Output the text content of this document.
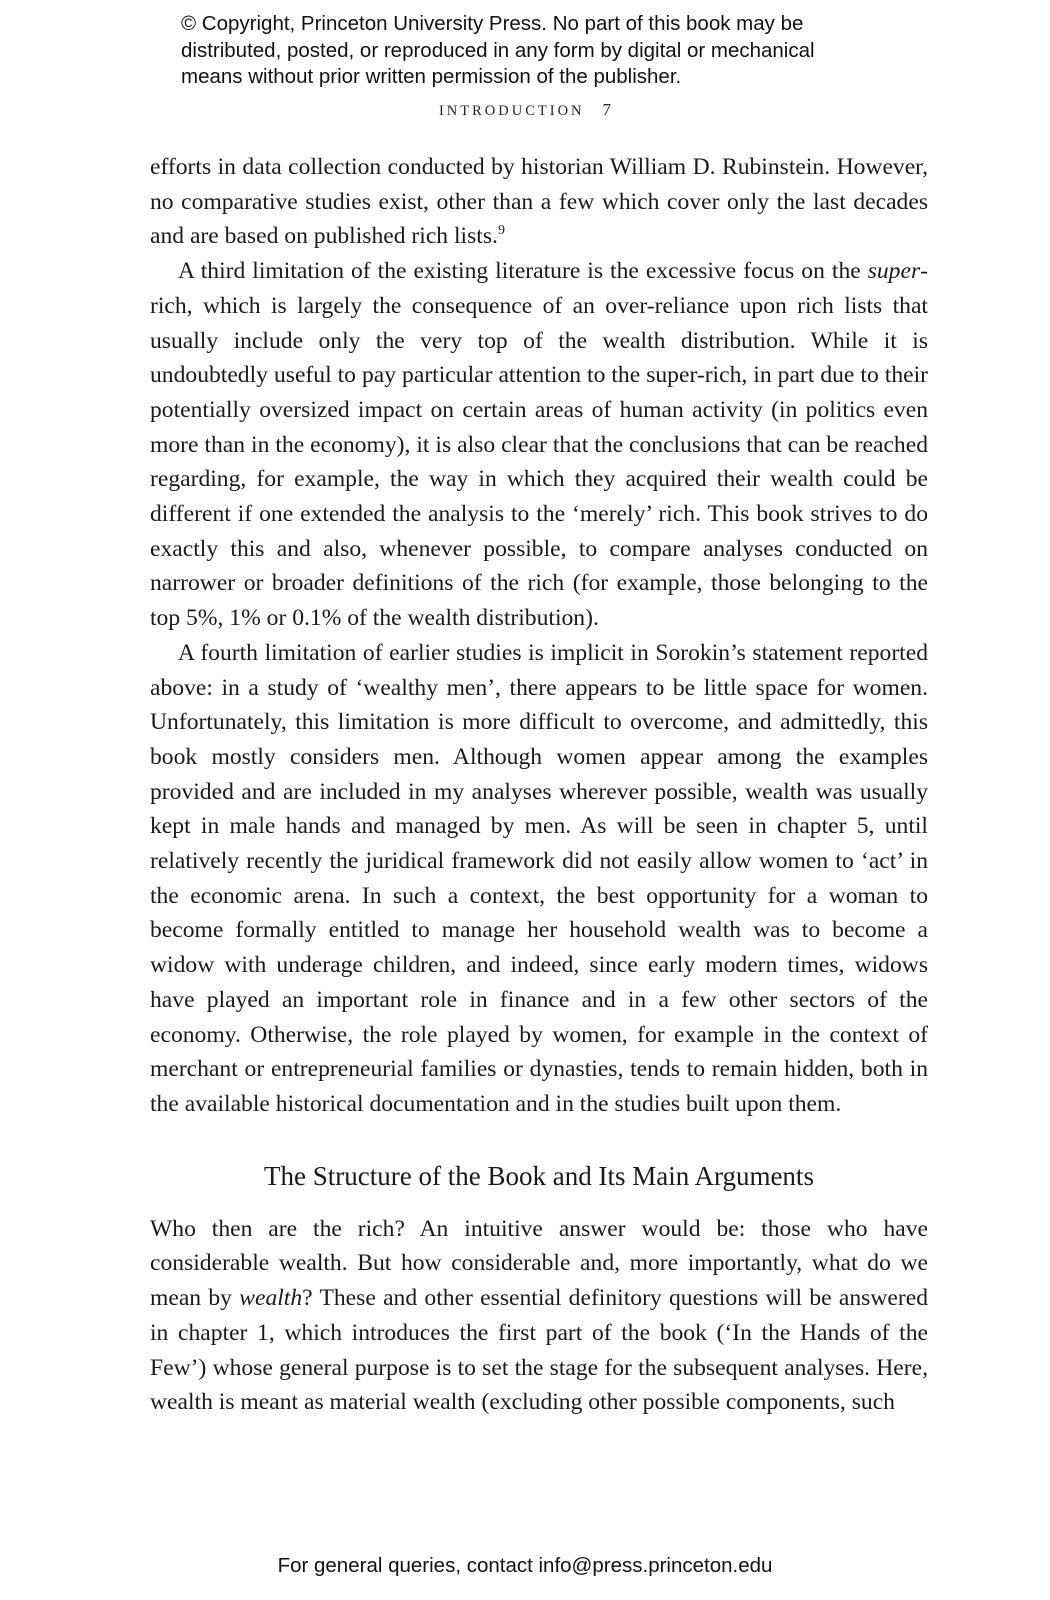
© Copyright, Princeton University Press. No part of this book may be
distributed, posted, or reproduced in any form by digital or mechanical
means without prior written permission of the publisher.
INTRODUCTION 7

efforts in data collection conducted by historian William D. Rubinstein. However, no comparative studies exist, other than a few which cover only the last decades and are based on published rich lists.$^9$

A third limitation of the existing literature is the excessive focus on the super-rich, which is largely the consequence of an over-reliance upon rich lists that usually include only the very top of the wealth distribution. While it is undoubtedly useful to pay particular attention to the super-rich, in part due to their potentially oversized impact on certain areas of human activity (in politics even more than in the economy), it is also clear that the conclusions that can be reached regarding, for example, the way in which they acquired their wealth could be different if one extended the analysis to the ‘merely’ rich. This book strives to do exactly this and also, whenever possible, to compare analyses conducted on narrower or broader definitions of the rich (for example, those belonging to the top 5%, 1% or 0.1% of the wealth distribution).

A fourth limitation of earlier studies is implicit in Sorokin’s statement reported above: in a study of ‘wealthy men’, there appears to be little space for women. Unfortunately, this limitation is more difficult to overcome, and admittedly, this book mostly considers men. Although women appear among the examples provided and are included in my analyses wherever possible, wealth was usually kept in male hands and managed by men. As will be seen in chapter 5, until relatively recently the juridical framework did not easily allow women to ‘act’ in the economic arena. In such a context, the best opportunity for a woman to become formally entitled to manage her household wealth was to become a widow with underage children, and indeed, since early modern times, widows have played an important role in finance and in a few other sectors of the economy. Otherwise, the role played by women, for example in the context of merchant or entrepreneurial families or dynasties, tends to remain hidden, both in the available historical documentation and in the studies built upon them.

The Structure of the Book and Its Main Arguments

Who then are the rich? An intuitive answer would be: those who have considerable wealth. But how considerable and, more importantly, what do we mean by wealth? These and other essential definitory questions will be answered in chapter 1, which introduces the first part of the book (‘In the Hands of the Few’) whose general purpose is to set the stage for the subsequent analyses. Here, wealth is meant as material wealth (excluding other possible components, such

For general queries, contact info@press.princeton.edu
